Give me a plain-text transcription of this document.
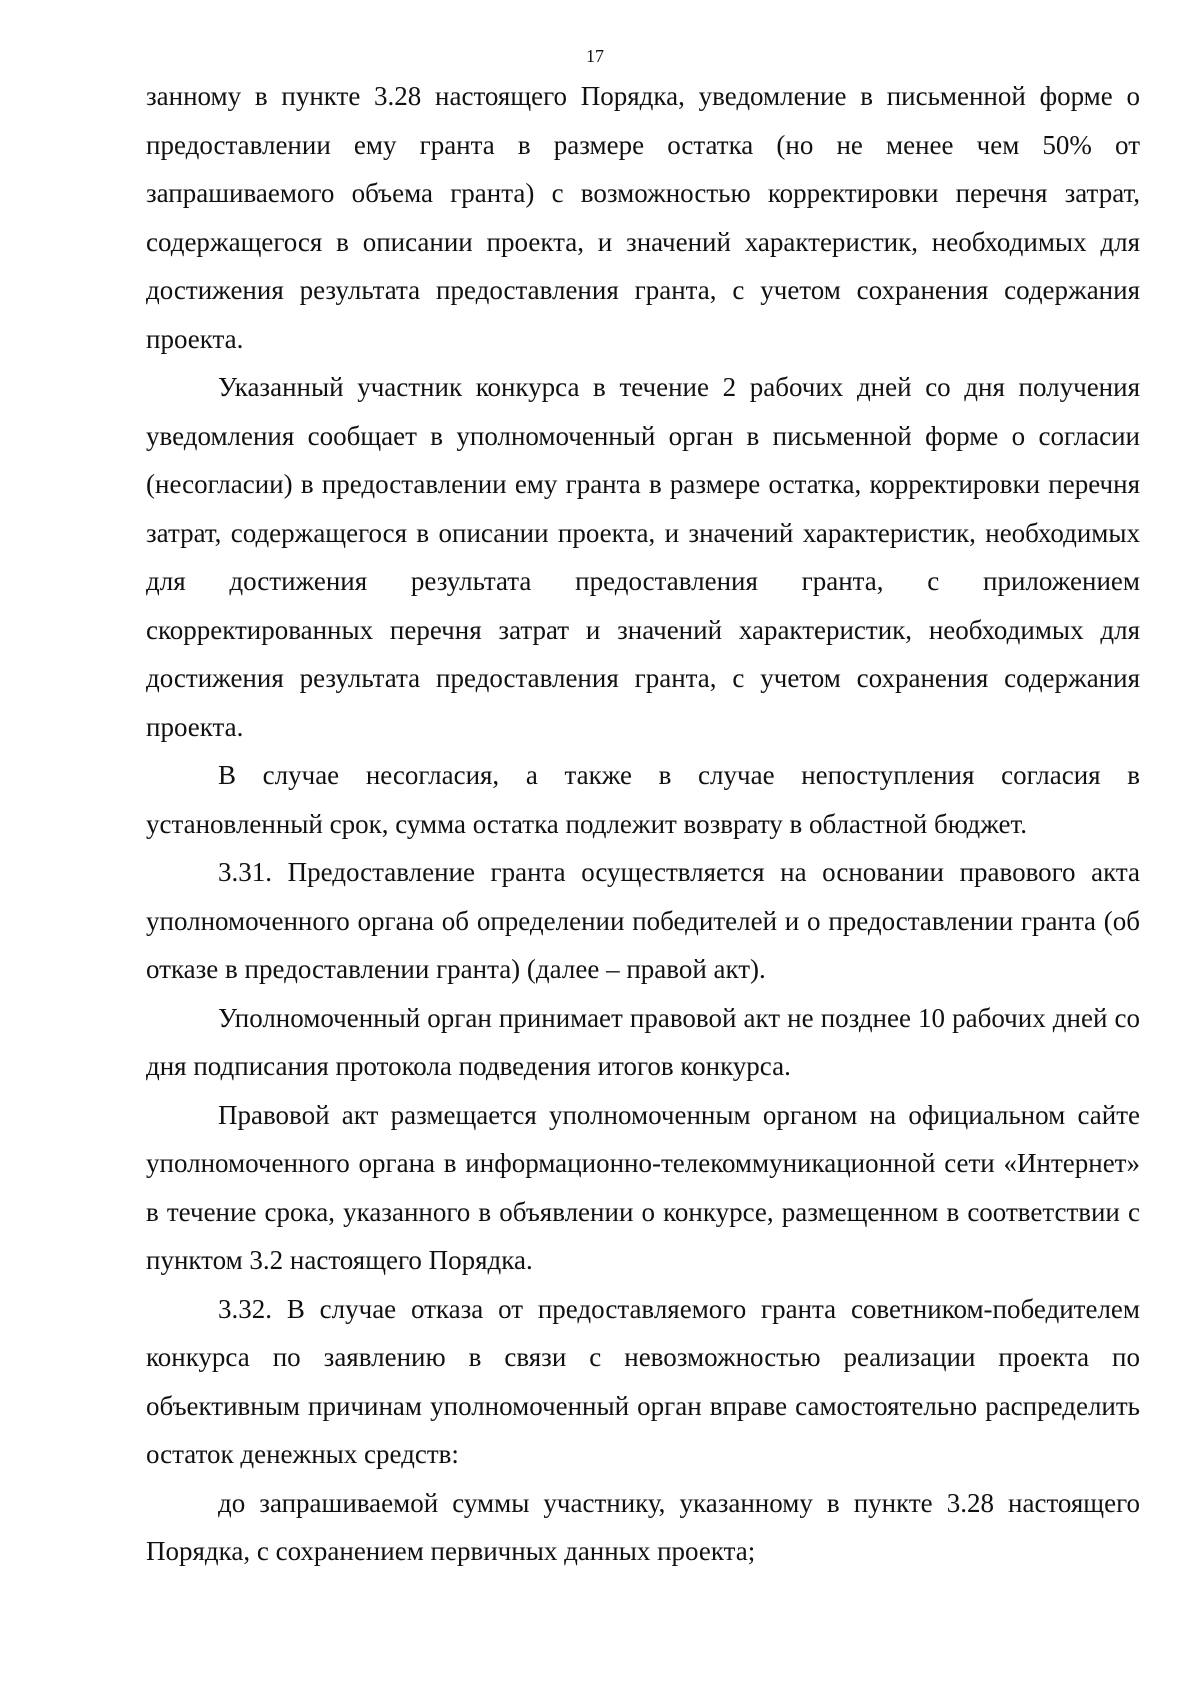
17

занному в пункте 3.28 настоящего Порядка, уведомление в письменной форме о предоставлении ему гранта в размере остатка (но не менее чем 50% от запрашиваемого объема гранта) с возможностью корректировки перечня затрат, содержащегося в описании проекта, и значений характеристик, необходимых для достижения результата предоставления гранта, с учетом сохранения содержания проекта.

Указанный участник конкурса в течение 2 рабочих дней со дня получения уведомления сообщает в уполномоченный орган в письменной форме о согласии (несогласии) в предоставлении ему гранта в размере остатка, корректировки перечня затрат, содержащегося в описании проекта, и значений характеристик, необходимых для достижения результата предоставления гранта, с приложением скорректированных перечня затрат и значений характеристик, необходимых для достижения результата предоставления гранта, с учетом сохранения содержания проекта.

В случае несогласия, а также в случае непоступления согласия в установленный срок, сумма остатка подлежит возврату в областной бюджет.

3.31. Предоставление гранта осуществляется на основании правового акта уполномоченного органа об определении победителей и о предоставлении гранта (об отказе в предоставлении гранта) (далее – правой акт).

Уполномоченный орган принимает правовой акт не позднее 10 рабочих дней со дня подписания протокола подведения итогов конкурса.

Правовой акт размещается уполномоченным органом на официальном сайте уполномоченного органа в информационно-телекоммуникационной сети «Интернет» в течение срока, указанного в объявлении о конкурсе, размещенном в соответствии с пунктом 3.2 настоящего Порядка.

3.32. В случае отказа от предоставляемого гранта советником-победителем конкурса по заявлению в связи с невозможностью реализации проекта по объективным причинам уполномоченный орган вправе самостоятельно распределить остаток денежных средств:

до запрашиваемой суммы участнику, указанному в пункте 3.28 настоящего Порядка, с сохранением первичных данных проекта;
